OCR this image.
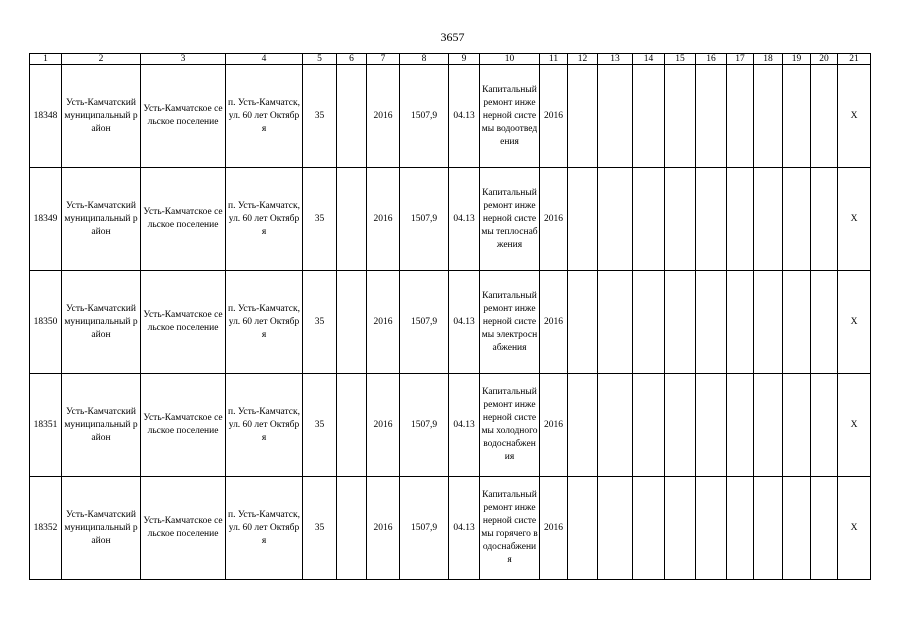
3657
1	2	3	4	5	6	7	8	9	10	11	12	13	14	15	16	17	18	19	20	21
18348	Усть-Камчатский муниципальный район	Усть-Камчатское сельское поселение	п. Усть-Камчатск, ул. 60 лет Октября	35		2016	1507,9	04.13	Капитальный ремонт инженерной системы водоотведения	2016										X
18349	Усть-Камчатский муниципальный район	Усть-Камчатское сельское поселение	п. Усть-Камчатск, ул. 60 лет Октября	35		2016	1507,9	04.13	Капитальный ремонт инженерной системы теплоснабжения	2016										X
18350	Усть-Камчатский муниципальный район	Усть-Камчатское сельское поселение	п. Усть-Камчатск, ул. 60 лет Октября	35		2016	1507,9	04.13	Капитальный ремонт инженерной системы электроснабжения	2016										X
18351	Усть-Камчатский муниципальный район	Усть-Камчатское сельское поселение	п. Усть-Камчатск, ул. 60 лет Октября	35		2016	1507,9	04.13	Капитальный ремонт инженерной системы холодного водоснабжения	2016										X
18352	Усть-Камчатский муниципальный район	Усть-Камчатское сельское поселение	п. Усть-Камчатск, ул. 60 лет Октября	35		2016	1507,9	04.13	Капитальный ремонт инженерной системы горячего водоснабжения	2016										X
